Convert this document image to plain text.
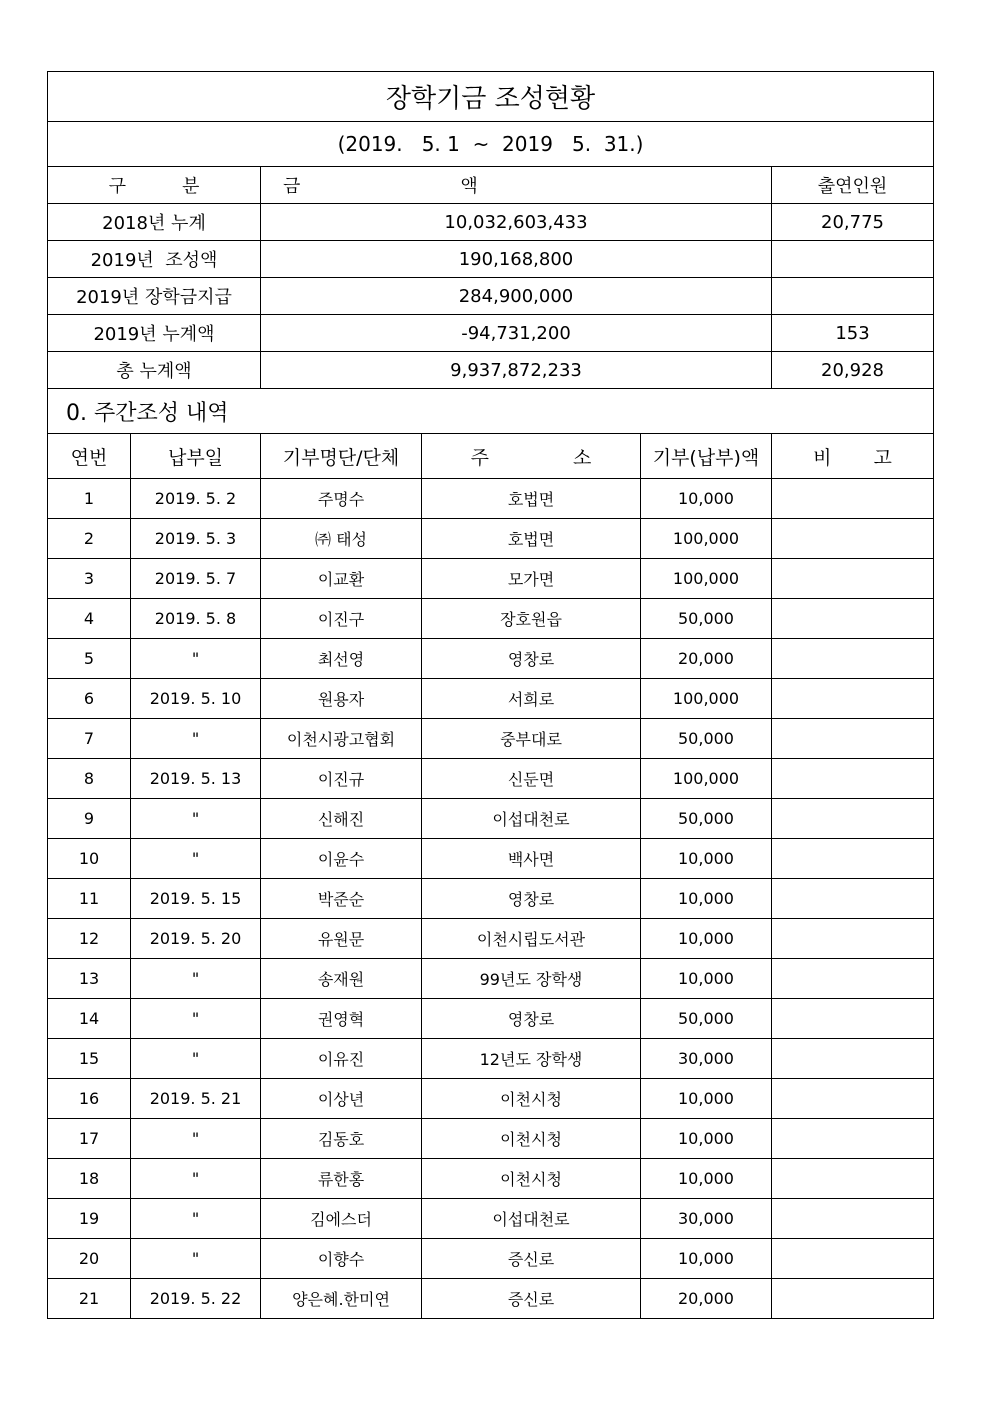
장학기금 조성현황		
(2019.   5. 1  ~  2019   5.  31.)		
구 분	금 액	출연인원
2018년 누계	10,032,603,433	20,775
2019년  조성액	190,168,800	
2019년 장학금지급	284,900,000	
2019년 누계액	-94,731,200	153
총 누계액	9,937,872,233	20,928
0. 주간조성 내역		
연번	납부일	기부명단/단체	주 소	기부(납부)액	비 고
1	2019. 5. 2	주명수	호법면	10,000	
2	2019. 5. 3	㈜ 태성	호법면	100,000	
3	2019. 5. 7	이교환	모가면	100,000	
4	2019. 5. 8	이진구	장호원읍	50,000	
5	"	최선영	영창로	20,000	
6	2019. 5. 10	원용자	서희로	100,000	
7	"	이천시광고협회	중부대로	50,000	
8	2019. 5. 13	이진규	신둔면	100,000	
9	"	신해진	이섭대천로	50,000	
10	"	이윤수	백사면	10,000	
11	2019. 5. 15	박준순	영창로	10,000	
12	2019. 5. 20	유원문	이천시립도서관	10,000	
13	"	송재원	99년도 장학생	10,000	
14	"	권영혁	영창로	50,000	
15	"	이유진	12년도 장학생	30,000	
16	2019. 5. 21	이상년	이천시청	10,000	
17	"	김동호	이천시청	10,000	
18	"	류한홍	이천시청	10,000	
19	"	김에스더	이섭대천로	30,000	
20	"	이향수	증신로	10,000	
21	2019. 5. 22	양은혜.한미연	증신로	20,000	
